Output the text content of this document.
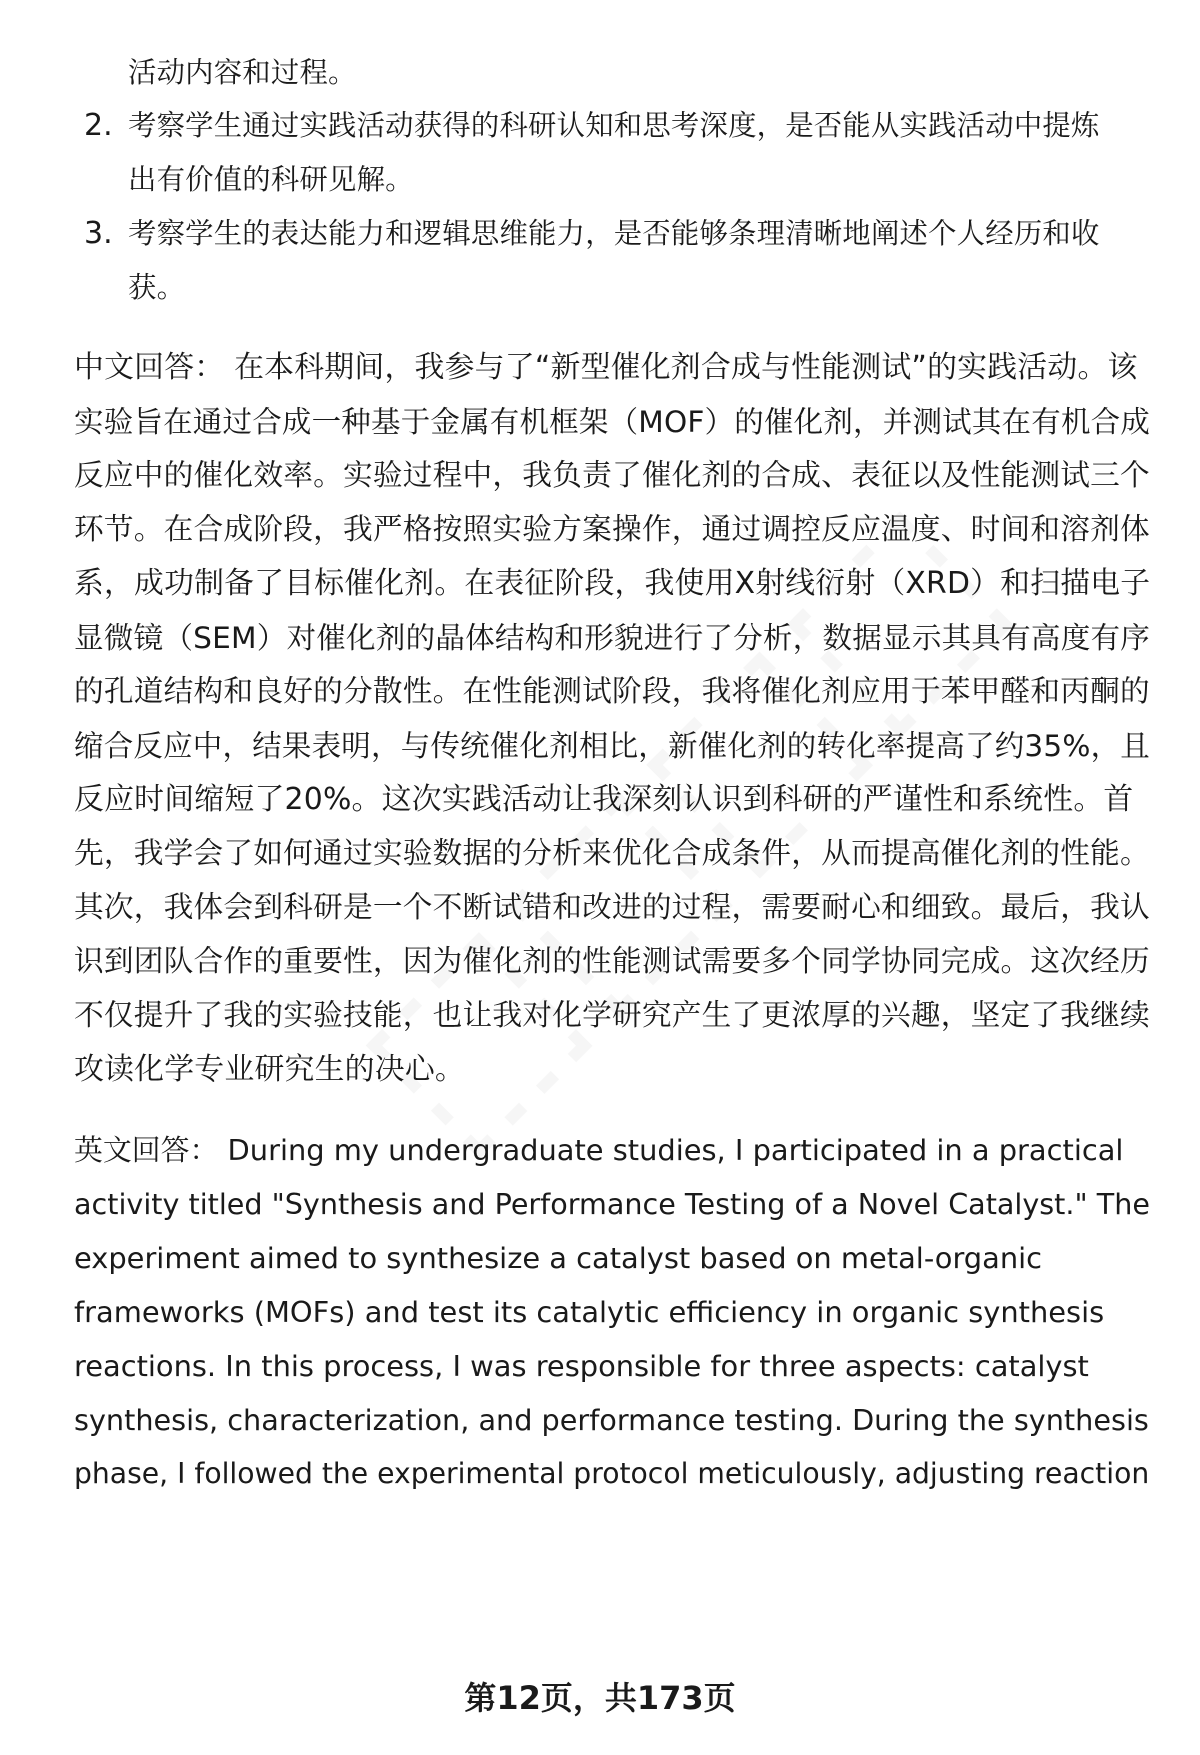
活动内容和过程。
2. 考察学生通过实践活动获得的科研认知和思考深度，是否能从实践活动中提炼
出有价值的科研见解。
3. 考察学生的表达能力和逻辑思维能力，是否能够条理清晰地阐述个人经历和收
获。
中文回答： 在本科期间，我参与了“新型催化剂合成与性能测试”的实践活动。该
实验旨在通过合成一种基于金属有机框架（MOF）的催化剂，并测试其在有机合成
反应中的催化效率。实验过程中，我负责了催化剂的合成、表征以及性能测试三个
环节。在合成阶段，我严格按照实验方案操作，通过调控反应温度、时间和溶剂体
系，成功制备了目标催化剂。在表征阶段，我使用X射线衍射（XRD）和扫描电子
显微镜（SEM）对催化剂的晶体结构和形貌进行了分析，数据显示其具有高度有序
的孔道结构和良好的分散性。在性能测试阶段，我将催化剂应用于苯甲醛和丙酮的
缩合反应中，结果表明，与传统催化剂相比，新催化剂的转化率提高了约35%，且
反应时间缩短了20%。这次实践活动让我深刻认识到科研的严谨性和系统性。首
先，我学会了如何通过实验数据的分析来优化合成条件，从而提高催化剂的性能。
其次，我体会到科研是一个不断试错和改进的过程，需要耐心和细致。最后，我认
识到团队合作的重要性，因为催化剂的性能测试需要多个同学协同完成。这次经历
不仅提升了我的实验技能，也让我对化学研究产生了更浓厚的兴趣，坚定了我继续
攻读化学专业研究生的决心。
英文回答： During my undergraduate studies, I participated in a practical
activity titled "Synthesis and Performance Testing of a Novel Catalyst." The
experiment aimed to synthesize a catalyst based on metal-organic
frameworks (MOFs) and test its catalytic efficiency in organic synthesis
reactions. In this process, I was responsible for three aspects: catalyst
synthesis, characterization, and performance testing. During the synthesis
phase, I followed the experimental protocol meticulously, adjusting reaction
第12页，共173页
